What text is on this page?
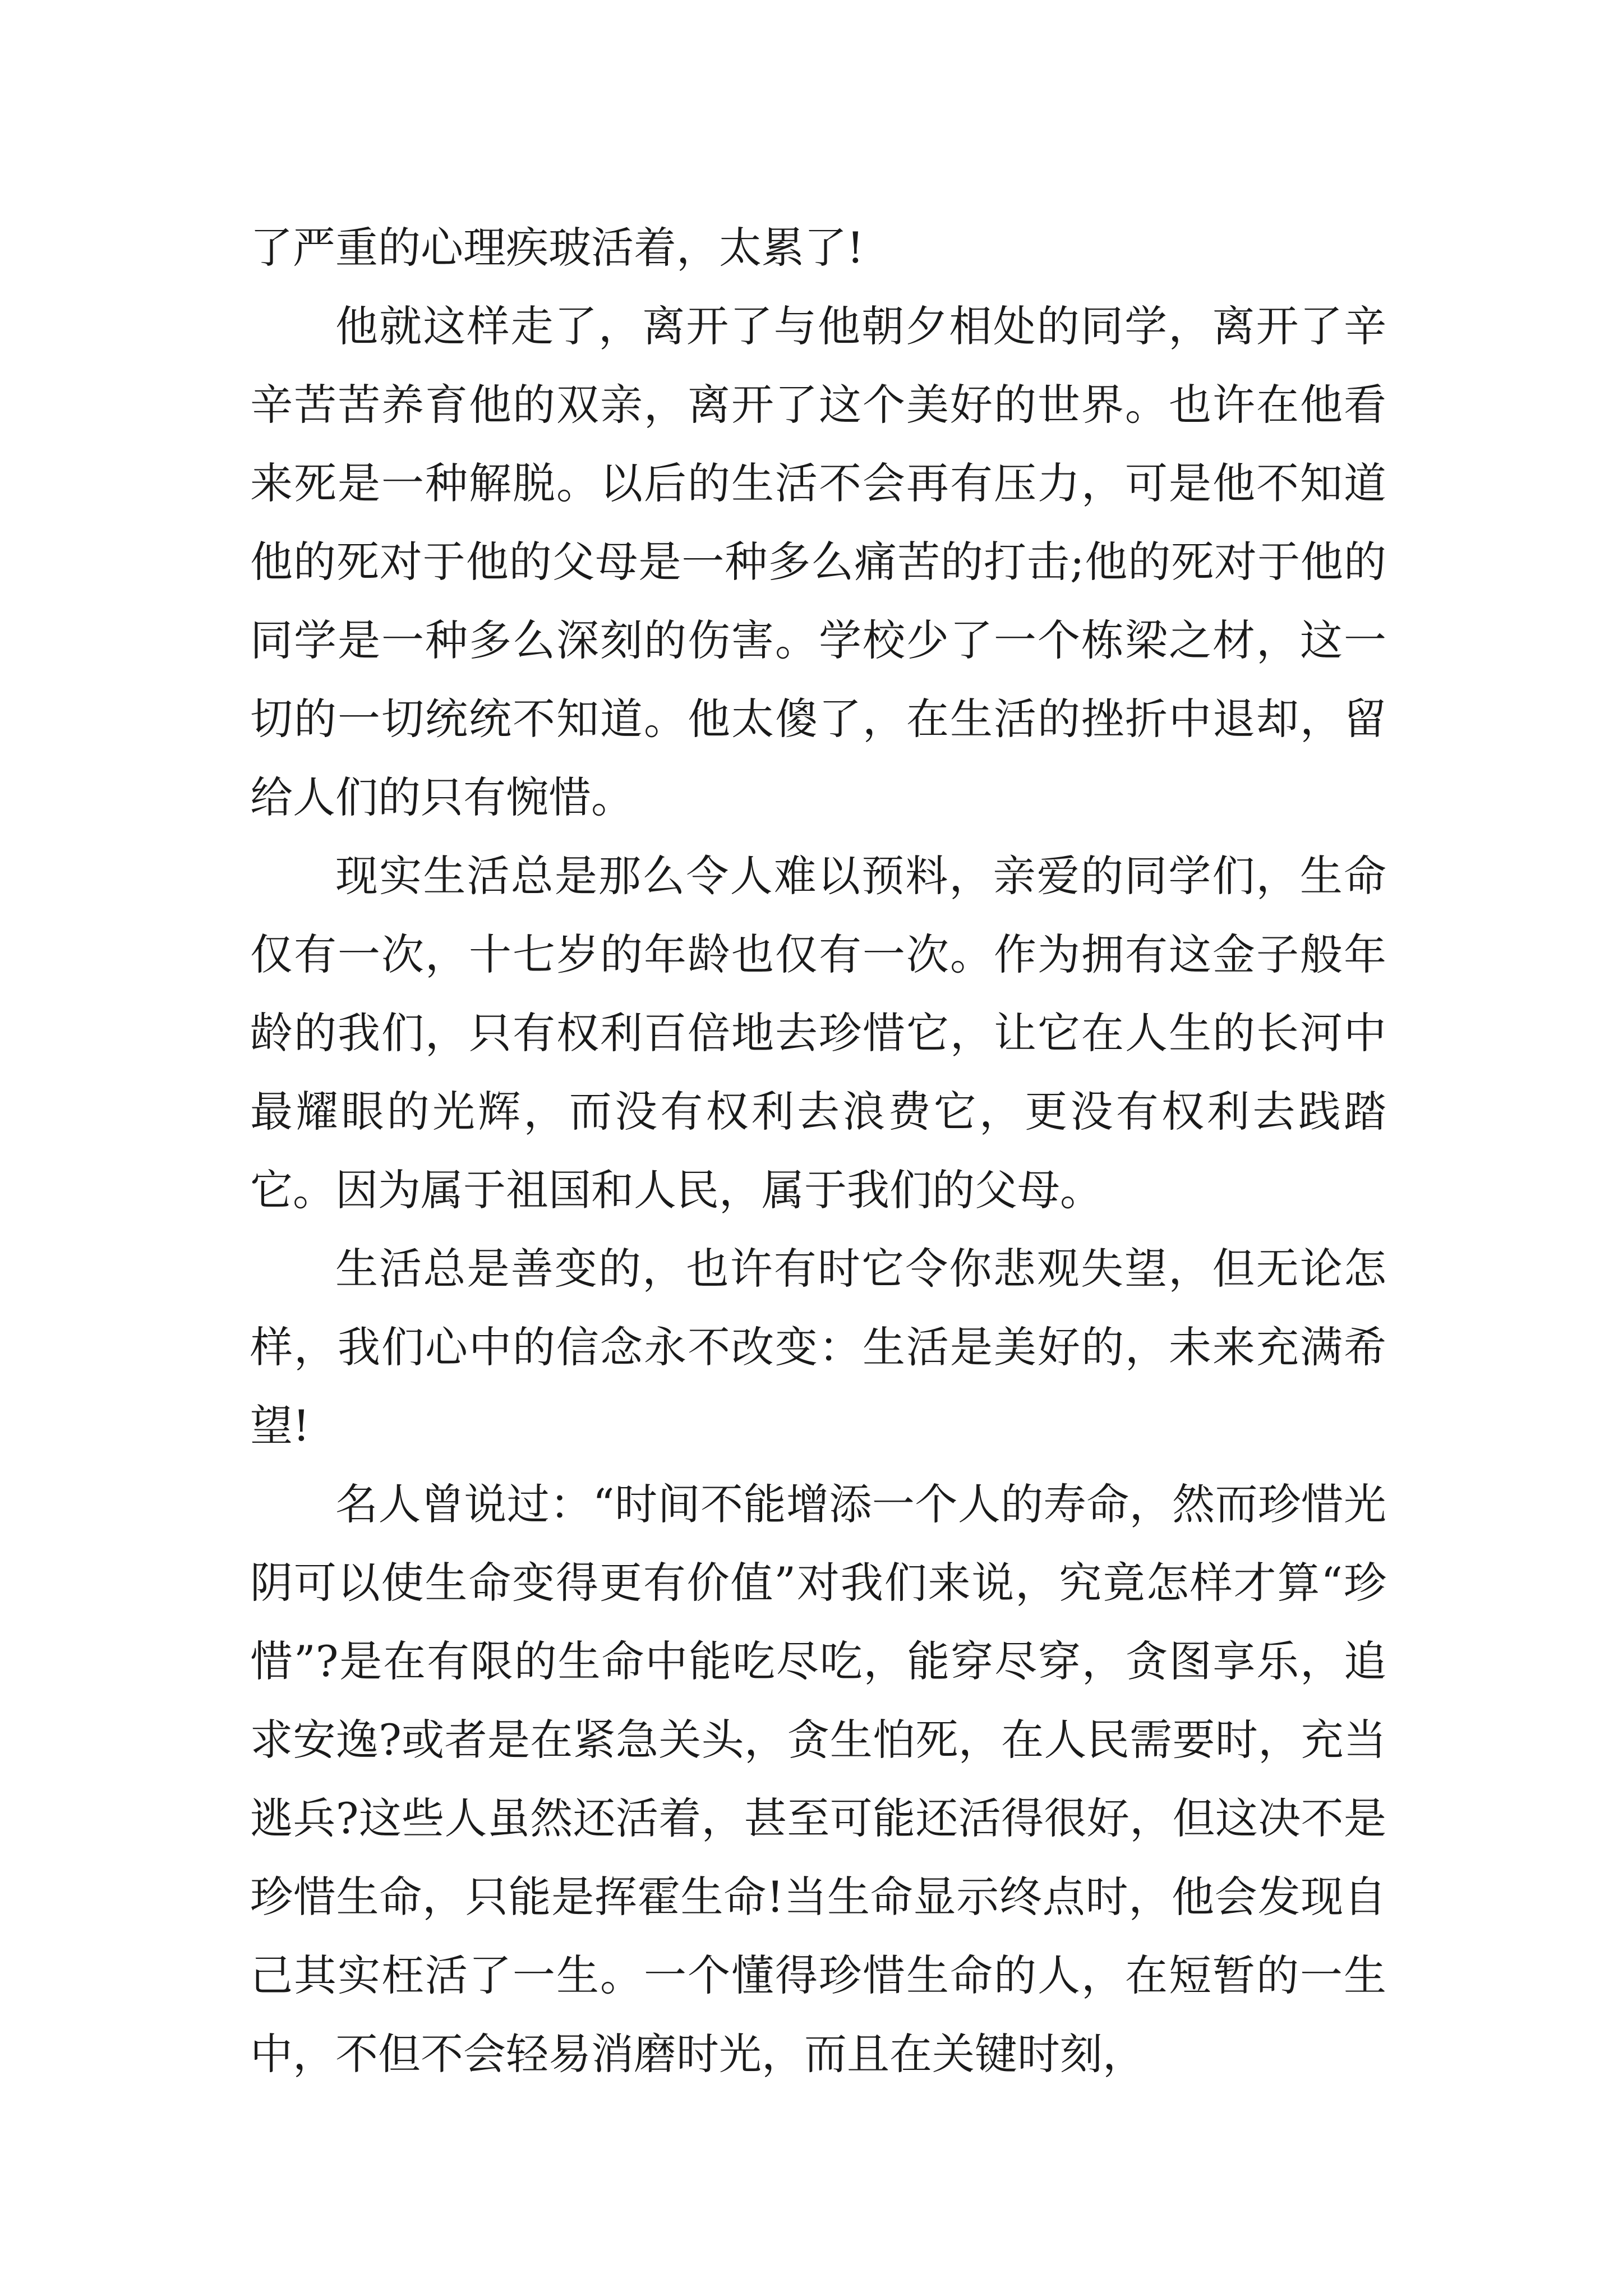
了严重的心理疾玻活着，太累了!

他就这样走了，离开了与他朝夕相处的同学，离开了辛辛苦苦养育他的双亲，离开了这个美好的世界。也许在他看来死是一种解脱。以后的生活不会再有压力，可是他不知道他的死对于他的父母是一种多么痛苦的打击;他的死对于他的同学是一种多么深刻的伤害。学校少了一个栋梁之材，这一切的一切统统不知道。他太傻了，在生活的挫折中退却，留给人们的只有惋惜。

现实生活总是那么令人难以预料，亲爱的同学们，生命仅有一次，十七岁的年龄也仅有一次。作为拥有这金子般年龄的我们，只有权利百倍地去珍惜它，让它在人生的长河中最耀眼的光辉，而没有权利去浪费它，更没有权利去践踏它。因为属于祖国和人民，属于我们的父母。

生活总是善变的，也许有时它令你悲观失望，但无论怎样，我们心中的信念永不改变：生活是美好的，未来充满希望!

名人曾说过：“时间不能增添一个人的寿命，然而珍惜光阴可以使生命变得更有价值”对我们来说，究竟怎样才算“珍惜”?是在有限的生命中能吃尽吃，能穿尽穿，贪图享乐，追求安逸?或者是在紧急关头，贪生怕死，在人民需要时，充当逃兵?这些人虽然还活着，甚至可能还活得很好，但这决不是珍惜生命，只能是挥霍生命!当生命显示终点时，他会发现自己其实枉活了一生。一个懂得珍惜生命的人，在短暂的一生中，不但不会轻易消磨时光，而且在关键时刻，
